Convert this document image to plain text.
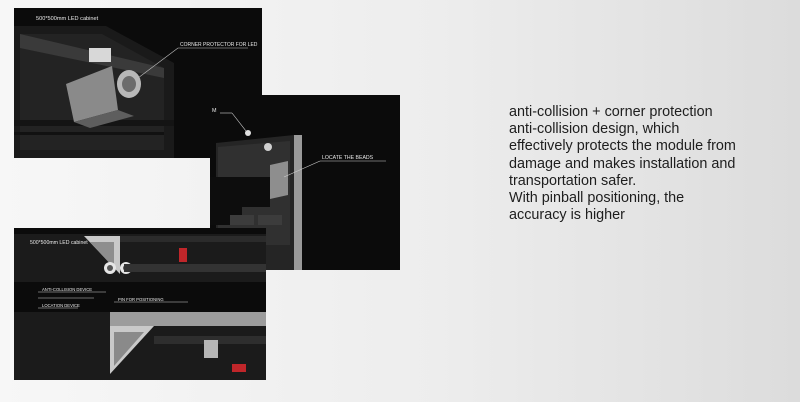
500*500mm LED cabinet
CORNER PROTECTOR FOR LED
M
LOCATE THE BEADS
500*500mm LED cabinet
ANTI-COLLISION DEVICE
PIN FOR POSITIONING
LOCATION DEVICE
anti-collision + corner protection
anti-collision design, which
effectively protects the module from
damage and makes installation and
transportation safer.
With pinball positioning, the
accuracy is higher
